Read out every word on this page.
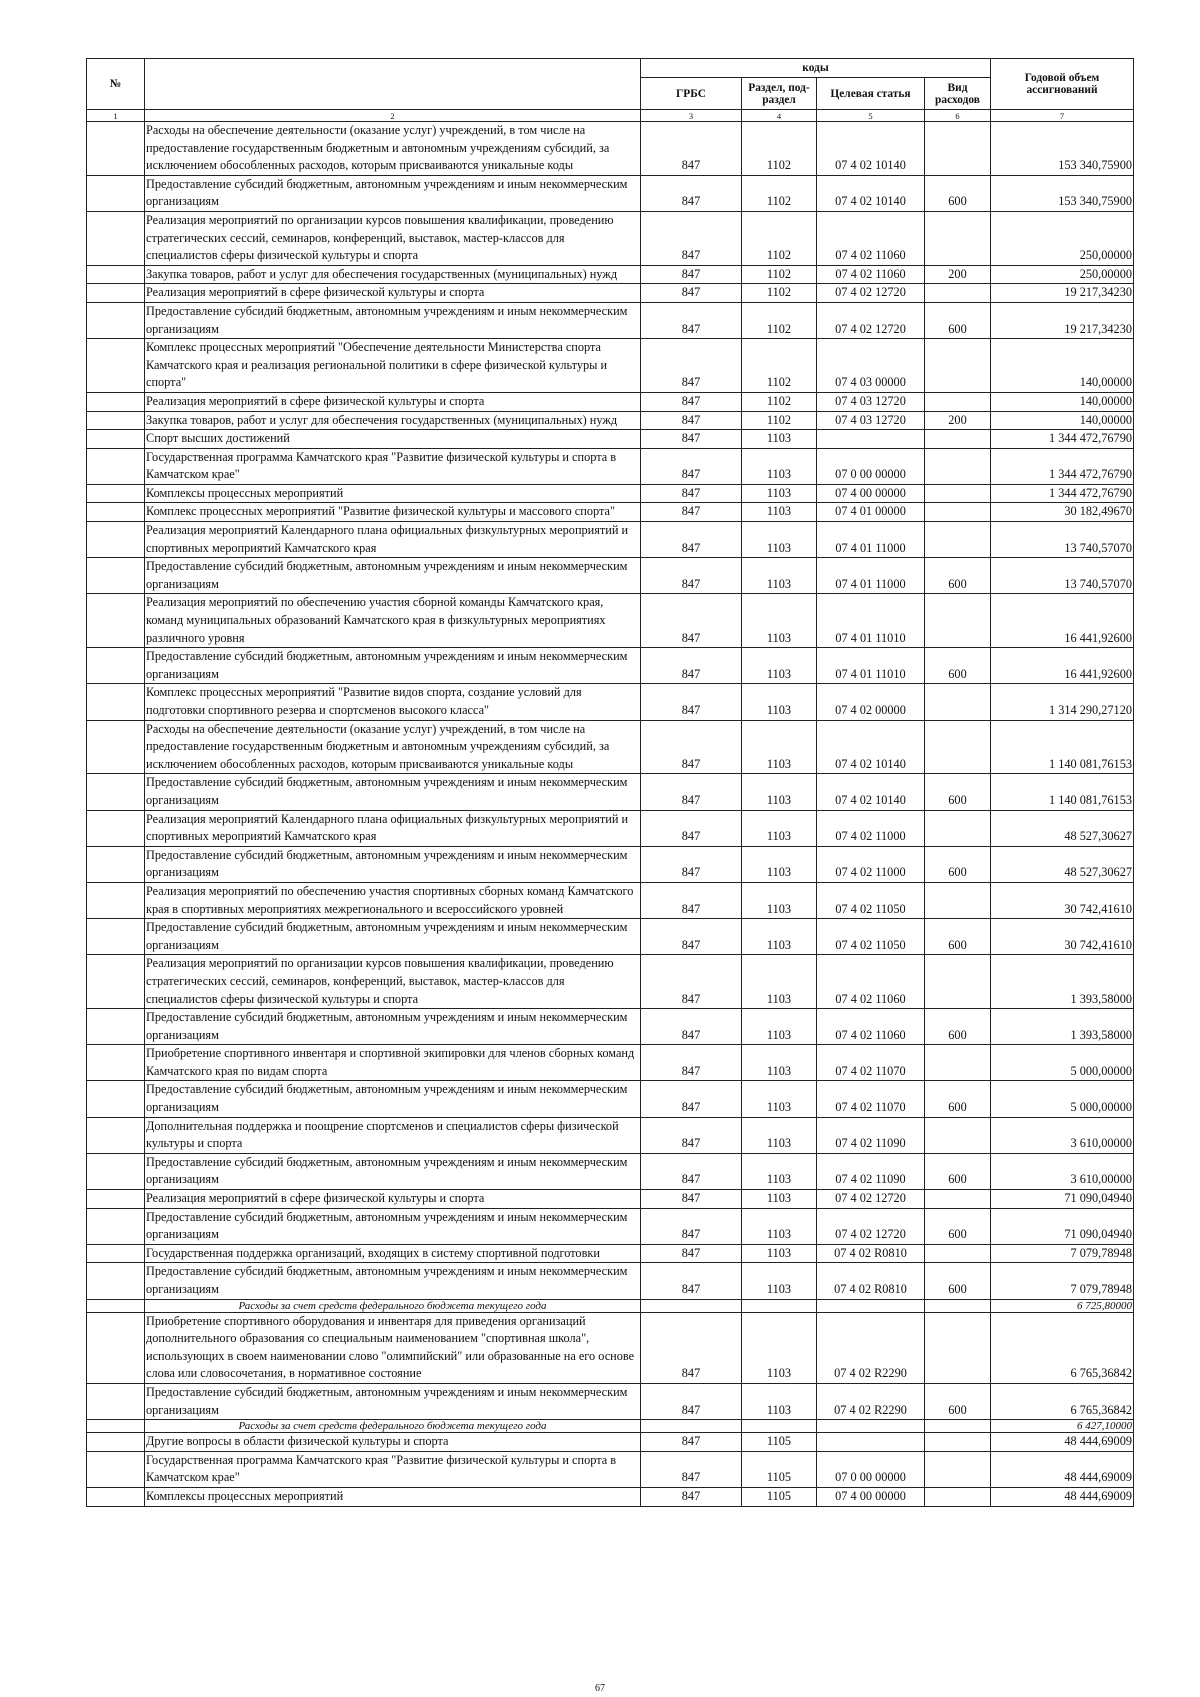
№		коды				Годовой объем ассигнований
		ГРБС	Раздел, под-раздел	Целевая статья	Вид расходов	
1	2	3	4	5	6	7
	Расходы на обеспечение деятельности (оказание услуг) учреждений, в том числе на предоставление государственным бюджетным и автономным учреждениям субсидий, за исключением обособленных расходов, которым присваиваются уникальные коды	847	1102	07 4 02 10140		153 340,75900
	Предоставление субсидий бюджетным, автономным учреждениям и иным некоммерческим организациям	847	1102	07 4 02 10140	600	153 340,75900
	Реализация мероприятий по организации курсов повышения квалификации, проведению стратегических сессий, семинаров, конференций, выставок, мастер-классов для специалистов сферы физической культуры и спорта	847	1102	07 4 02 11060		250,00000
	Закупка товаров, работ и услуг для обеспечения государственных (муниципальных) нужд	847	1102	07 4 02 11060	200	250,00000
	Реализация мероприятий в сфере физической культуры и спорта	847	1102	07 4 02 12720		19 217,34230
	Предоставление субсидий бюджетным, автономным учреждениям и иным некоммерческим организациям	847	1102	07 4 02 12720	600	19 217,34230
	Комплекс процессных мероприятий "Обеспечение деятельности Министерства спорта Камчатского края и реализация региональной политики в сфере физической культуры и спорта"	847	1102	07 4 03 00000		140,00000
	Реализация мероприятий в сфере физической культуры и спорта	847	1102	07 4 03 12720		140,00000
	Закупка товаров, работ и услуг для обеспечения государственных (муниципальных) нужд	847	1102	07 4 03 12720	200	140,00000
	Спорт высших достижений	847	1103			1 344 472,76790
	Государственная программа Камчатского края "Развитие физической культуры и спорта в Камчатском крае"	847	1103	07 0 00 00000		1 344 472,76790
	Комплексы процессных мероприятий	847	1103	07 4 00 00000		1 344 472,76790
	Комплекс процессных мероприятий "Развитие физической культуры и массового спорта"	847	1103	07 4 01 00000		30 182,49670
	Реализация мероприятий Календарного плана официальных физкультурных мероприятий и спортивных мероприятий Камчатского края	847	1103	07 4 01 11000		13 740,57070
	Предоставление субсидий бюджетным, автономным учреждениям и иным некоммерческим организациям	847	1103	07 4 01 11000	600	13 740,57070
	Реализация мероприятий по обеспечению участия сборной команды Камчатского края, команд муниципальных образований Камчатского края в физкультурных мероприятиях различного уровня	847	1103	07 4 01 11010		16 441,92600
	Предоставление субсидий бюджетным, автономным учреждениям и иным некоммерческим организациям	847	1103	07 4 01 11010	600	16 441,92600
	Комплекс процессных мероприятий "Развитие видов спорта, создание условий для подготовки спортивного резерва и спортсменов высокого класса"	847	1103	07 4 02 00000		1 314 290,27120
	Расходы на обеспечение деятельности (оказание услуг) учреждений, в том числе на предоставление государственным бюджетным и автономным учреждениям субсидий, за исключением обособленных расходов, которым присваиваются уникальные коды	847	1103	07 4 02 10140		1 140 081,76153
	Предоставление субсидий бюджетным, автономным учреждениям и иным некоммерческим организациям	847	1103	07 4 02 10140	600	1 140 081,76153
	Реализация мероприятий Календарного плана официальных физкультурных мероприятий и спортивных мероприятий Камчатского края	847	1103	07 4 02 11000		48 527,30627
	Предоставление субсидий бюджетным, автономным учреждениям и иным некоммерческим организациям	847	1103	07 4 02 11000	600	48 527,30627
	Реализация мероприятий по обеспечению участия спортивных сборных команд Камчатского края в спортивных мероприятиях межрегионального и всероссийского уровней	847	1103	07 4 02 11050		30 742,41610
	Предоставление субсидий бюджетным, автономным учреждениям и иным некоммерческим организациям	847	1103	07 4 02 11050	600	30 742,41610
	Реализация мероприятий по организации курсов повышения квалификации, проведению стратегических сессий, семинаров, конференций, выставок, мастер-классов для специалистов сферы физической культуры и спорта	847	1103	07 4 02 11060		1 393,58000
	Предоставление субсидий бюджетным, автономным учреждениям и иным некоммерческим организациям	847	1103	07 4 02 11060	600	1 393,58000
	Приобретение спортивного инвентаря и спортивной экипировки для членов сборных команд Камчатского края по видам спорта	847	1103	07 4 02 11070		5 000,00000
	Предоставление субсидий бюджетным, автономным учреждениям и иным некоммерческим организациям	847	1103	07 4 02 11070	600	5 000,00000
	Дополнительная поддержка и поощрение спортсменов и специалистов сферы физической культуры и спорта	847	1103	07 4 02 11090		3 610,00000
	Предоставление субсидий бюджетным, автономным учреждениям и иным некоммерческим организациям	847	1103	07 4 02 11090	600	3 610,00000
	Реализация мероприятий в сфере физической культуры и спорта	847	1103	07 4 02 12720		71 090,04940
	Предоставление субсидий бюджетным, автономным учреждениям и иным некоммерческим организациям	847	1103	07 4 02 12720	600	71 090,04940
	Государственная поддержка организаций, входящих в систему спортивной подготовки	847	1103	07 4 02 R0810		7 079,78948
	Предоставление субсидий бюджетным, автономным учреждениям и иным некоммерческим организациям	847	1103	07 4 02 R0810	600	7 079,78948
	Расходы за счет средств федерального бюджета текущего года					6 725,80000
	Приобретение спортивного оборудования и инвентаря для приведения организаций дополнительного образования со специальным наименованием "спортивная школа", использующих в своем наименовании слово "олимпийский" или образованные на его основе слова или словосочетания, в нормативное состояние	847	1103	07 4 02 R2290		6 765,36842
	Предоставление субсидий бюджетным, автономным учреждениям и иным некоммерческим организациям	847	1103	07 4 02 R2290	600	6 765,36842
	Расходы за счет средств федерального бюджета текущего года					6 427,10000
	Другие вопросы в области физической культуры и спорта	847	1105			48 444,69009
	Государственная программа Камчатского края "Развитие физической культуры и спорта в Камчатском крае"	847	1105	07 0 00 00000		48 444,69009
	Комплексы процессных мероприятий	847	1105	07 4 00 00000		48 444,69009
67
